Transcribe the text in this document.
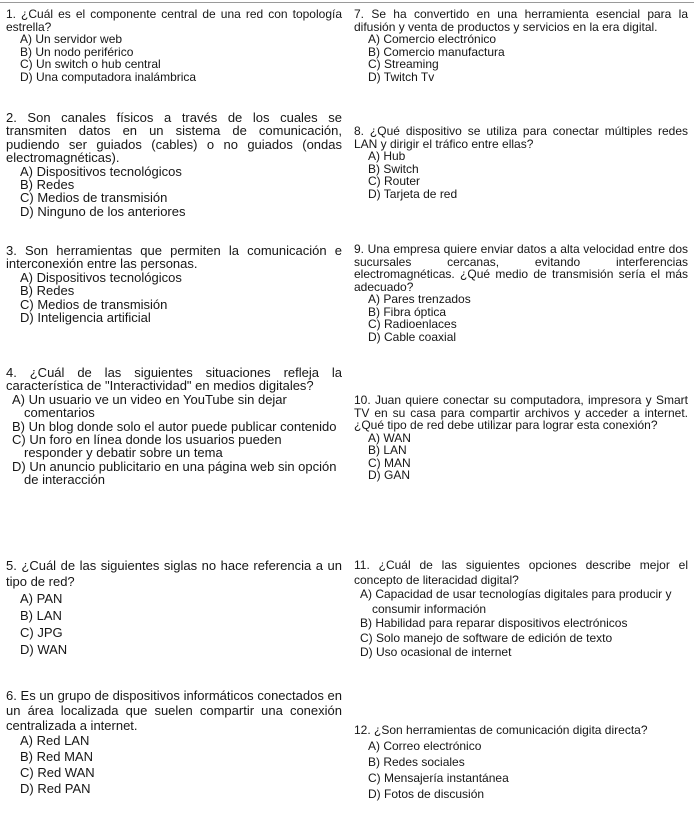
1. ¿Cuál es el componente central de una red con topología estrella?
A) Un servidor web
B) Un nodo periférico
C) Un switch o hub central
D) Una computadora inalámbrica
2. Son canales físicos a través de los cuales se transmiten datos en un sistema de comunicación, pudiendo ser guiados (cables) o no guiados (ondas electromagnéticas).
A) Dispositivos tecnológicos
B) Redes
C) Medios de transmisión
D) Ninguno de los anteriores
3. Son herramientas que permiten la comunicación e interconexión entre las personas.
A) Dispositivos tecnológicos
B) Redes
C) Medios de transmisión
D) Inteligencia artificial
4. ¿Cuál de las siguientes situaciones refleja la característica de "Interactividad" en medios digitales?
A) Un usuario ve un video en YouTube sin dejar comentarios
B) Un blog donde solo el autor puede publicar contenido
C) Un foro en línea donde los usuarios pueden responder y debatir sobre un tema
D) Un anuncio publicitario en una página web sin opción de interacción
5. ¿Cuál de las siguientes siglas no hace referencia a un tipo de red?
A) PAN
B) LAN
C) JPG
D) WAN
6. Es un grupo de dispositivos informáticos conectados en un área localizada que suelen compartir una conexión centralizada a internet.
A) Red LAN
B) Red MAN
C) Red WAN
D) Red PAN
7. Se ha convertido en una herramienta esencial para la difusión y venta de productos y servicios en la era digital.
A) Comercio electrónico
B) Comercio manufactura
C) Streaming
D) Twitch Tv
8. ¿Qué dispositivo se utiliza para conectar múltiples redes LAN y dirigir el tráfico entre ellas?
A) Hub
B) Switch
C) Router
D) Tarjeta de red
9. Una empresa quiere enviar datos a alta velocidad entre dos sucursales cercanas, evitando interferencias electromagnéticas. ¿Qué medio de transmisión sería el más adecuado?
A) Pares trenzados
B) Fibra óptica
C) Radioenlaces
D) Cable coaxial
10. Juan quiere conectar su computadora, impresora y Smart TV en su casa para compartir archivos y acceder a internet. ¿Qué tipo de red debe utilizar para lograr esta conexión?
A) WAN
B) LAN
C) MAN
D) GAN
11. ¿Cuál de las siguientes opciones describe mejor el concepto de literacidad digital?
A) Capacidad de usar tecnologías digitales para producir y consumir información
B) Habilidad para reparar dispositivos electrónicos
C) Solo manejo de software de edición de texto
D) Uso ocasional de internet
12. ¿Son herramientas de comunicación digita directa?
A) Correo electrónico
B) Redes sociales
C) Mensajería instantánea
D) Fotos de discusión
